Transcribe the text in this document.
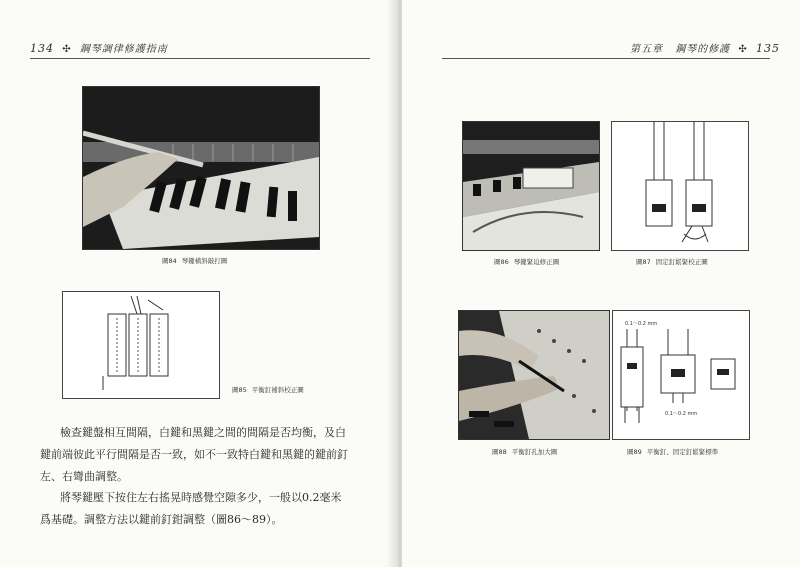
134 ✣ 鋼琴調律修護指南
圖84 琴鍵橫斜敲打圖
圖85 平衡釘補斜校正圖

檢查鍵盤相互間隔，白鍵和黑鍵之間的間隔是否均衡，及白鍵前端彼此平行間隔是否一致，如不一致特白鍵和黑鍵的鍵前釘左、右彎曲調整。

將琴鍵壓下按住左右搖晃時感覺空隙多少，一般以0.2毫米爲基礎。調整方法以鍵前釘鉗調整（圖86～89）。

第五章 鋼琴的修護 ✣ 135
圖86 琴鍵緊迫修正圖	圖87 固定釘鬆緊校正圖
圖88 平衡釘孔加大圖
0.1～0.2 mm
0.1～0.2 mm
圖89 平衡釘、固定釘鬆緊標準
